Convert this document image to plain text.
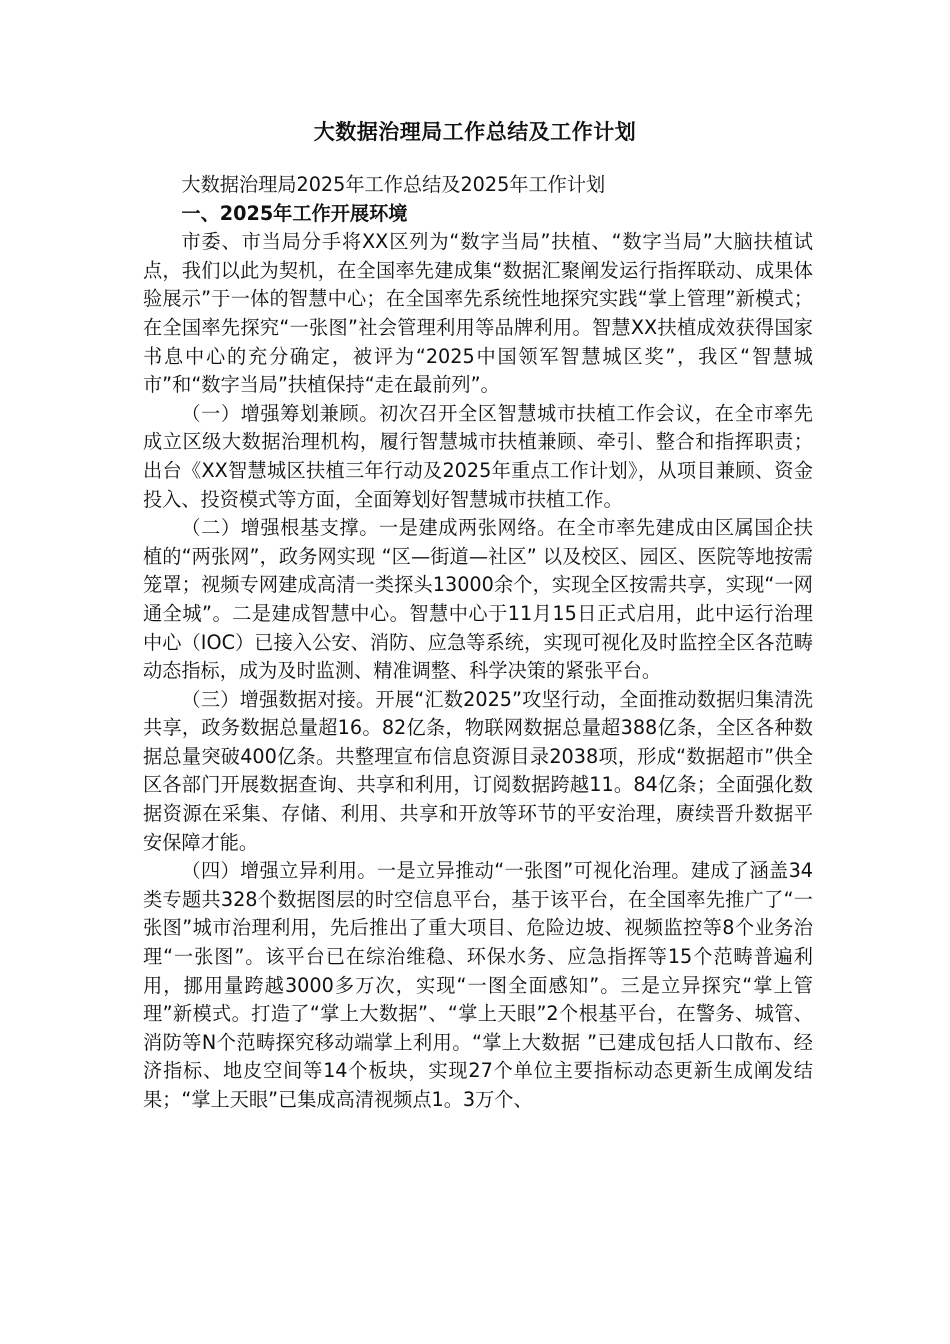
大数据治理局工作总结及工作计划

大数据治理局2025年工作总结及2025年工作计划

一、2025年工作开展环境

市委、市当局分手将XX区列为“数字当局”扶植、“数字当局”大脑扶植试点，我们以此为契机，在全国率先建成集“数据汇聚阐发运行指挥联动、成果体验展示”于一体的智慧中心；在全国率先系统性地探究实践“掌上管理”新模式；在全国率先探究“一张图”社会管理利用等品牌利用。智慧XX扶植成效获得国家书息中心的充分确定，被评为“2025中国领军智慧城区奖”，我区“智慧城市”和“数字当局”扶植保持“走在最前列”。

（一）增强筹划兼顾。初次召开全区智慧城市扶植工作会议，在全市率先成立区级大数据治理机构，履行智慧城市扶植兼顾、牵引、整合和指挥职责；出台《XX智慧城区扶植三年行动及2025年重点工作计划》，从项目兼顾、资金投入、投资模式等方面，全面筹划好智慧城市扶植工作。

（二）增强根基支撑。一是建成两张网络。在全市率先建成由区属国企扶植的“两张网”，政务网实现 “区—街道—社区” 以及校区、园区、医院等地按需笼罩；视频专网建成高清一类探头13000余个，实现全区按需共享，实现“一网通全城”。二是建成智慧中心。智慧中心于11月15日正式启用，此中运行治理中心（IOC）已接入公安、消防、应急等系统，实现可视化及时监控全区各范畴动态指标，成为及时监测、精准调整、科学决策的紧张平台。

（三）增强数据对接。开展“汇数2025”攻坚行动，全面推动数据归集清洗共享，政务数据总量超16。82亿条，物联网数据总量超388亿条，全区各种数据总量突破400亿条。共整理宣布信息资源目录2038项，形成“数据超市”供全区各部门开展数据查询、共享和利用，订阅数据跨越11。84亿条；全面强化数据资源在采集、存储、利用、共享和开放等环节的平安治理，赓续晋升数据平安保障才能。

（四）增强立异利用。一是立异推动“一张图”可视化治理。建成了涵盖34类专题共328个数据图层的时空信息平台，基于该平台，在全国率先推广了“一张图”城市治理利用，先后推出了重大项目、危险边坡、视频监控等8个业务治理“一张图”。该平台已在综治维稳、环保水务、应急指挥等15个范畴普遍利用，挪用量跨越3000多万次，实现“一图全面感知”。三是立异探究“掌上管理”新模式。打造了“掌上大数据”、“掌上天眼”2个根基平台，在警务、城管、消防等N个范畴探究移动端掌上利用。“掌上大数据 ”已建成包括人口散布、经济指标、地皮空间等14个板块，实现27个单位主要指标动态更新生成阐发结果；“掌上天眼”已集成高清视频点1。3万个、
